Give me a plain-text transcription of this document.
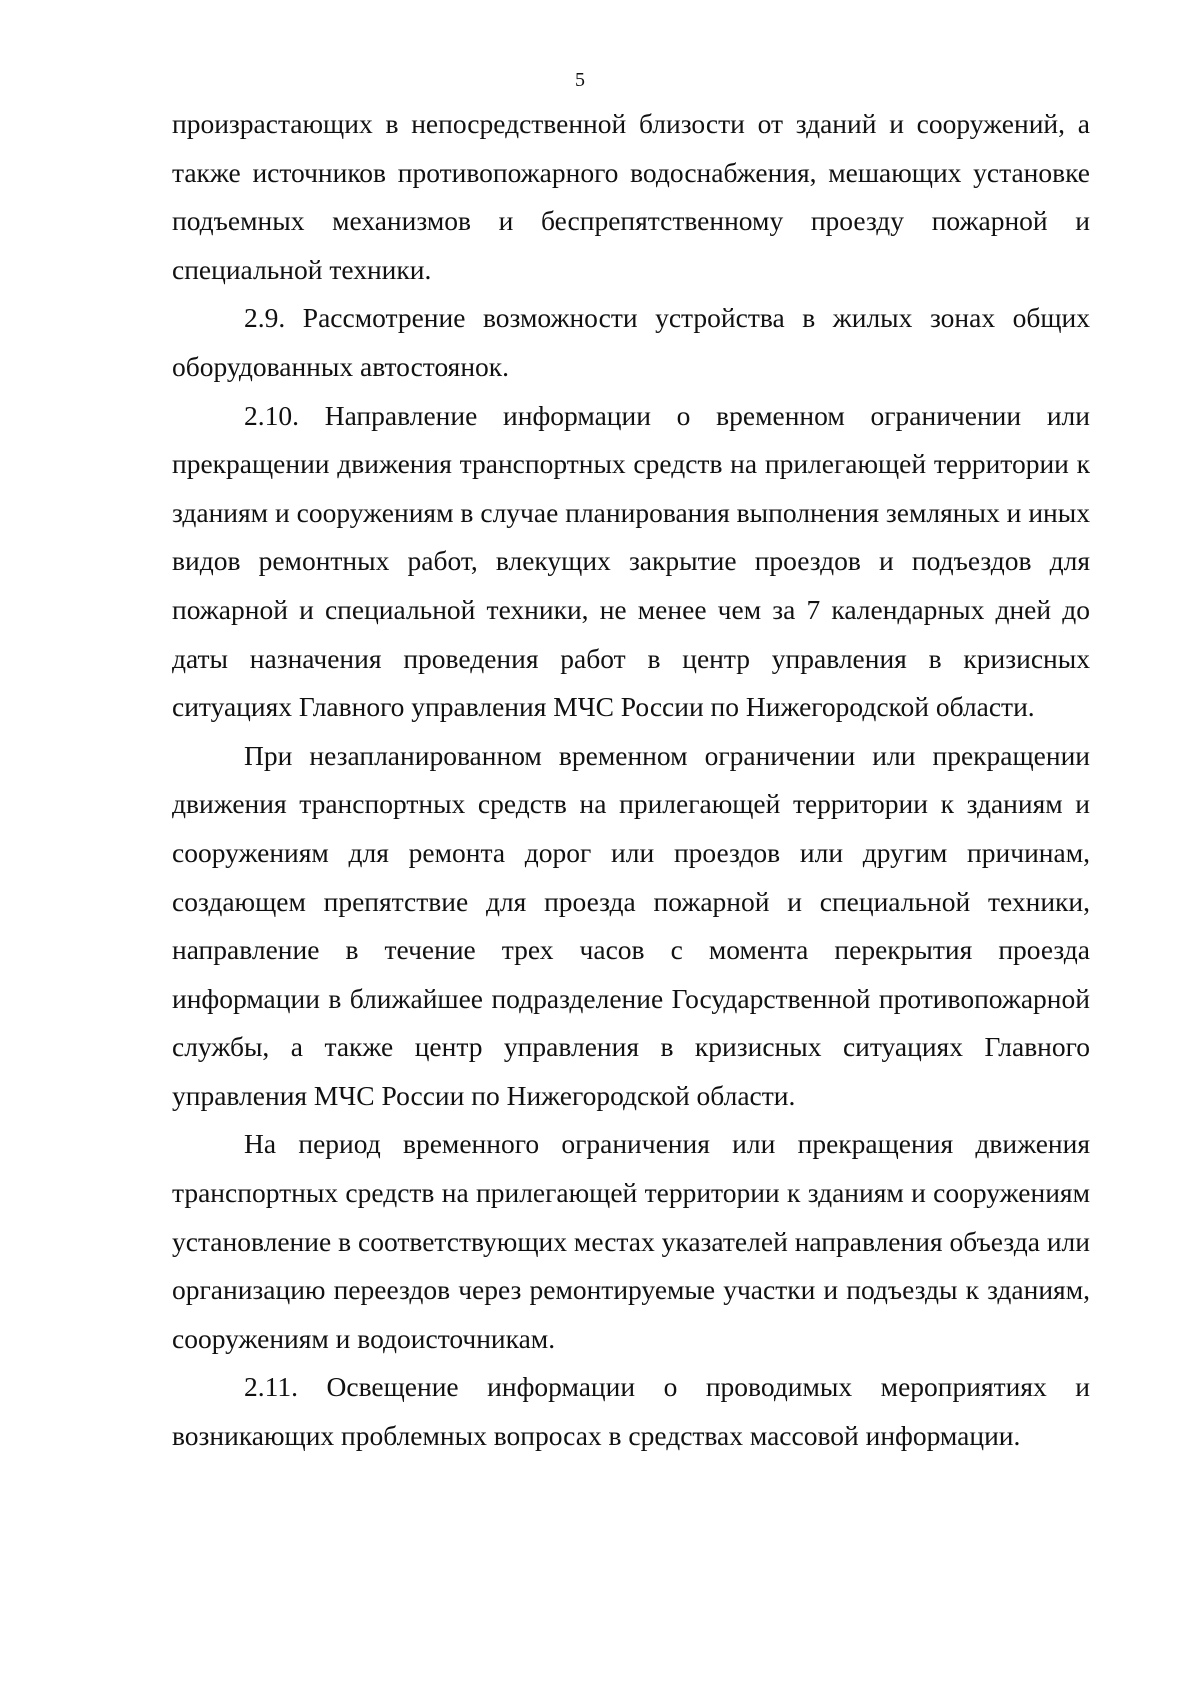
5

произрастающих в непосредственной близости от зданий и сооружений, а также источников противопожарного водоснабжения, мешающих установке подъемных механизмов и беспрепятственному проезду пожарной и специальной техники.

2.9. Рассмотрение возможности устройства в жилых зонах общих оборудованных автостоянок.

2.10. Направление информации о временном ограничении или прекращении движения транспортных средств на прилегающей территории к зданиям и сооружениям в случае планирования выполнения земляных и иных видов ремонтных работ, влекущих закрытие проездов и подъездов для пожарной и специальной техники, не менее чем за 7 календарных дней до даты назначения проведения работ в центр управления в кризисных ситуациях Главного управления МЧС России по Нижегородской области.

При незапланированном временном ограничении или прекращении движения транспортных средств на прилегающей территории к зданиям и сооружениям для ремонта дорог или проездов или другим причинам, создающем препятствие для проезда пожарной и специальной техники, направление в течение трех часов с момента перекрытия проезда информации в ближайшее подразделение Государственной противопожарной службы, а также центр управления в кризисных ситуациях Главного управления МЧС России по Нижегородской области.

На период временного ограничения или прекращения движения транспортных средств на прилегающей территории к зданиям и сооружениям установление в соответствующих местах указателей направления объезда или организацию переездов через ремонтируемые участки и подъезды к зданиям, сооружениям и водоисточникам.

2.11. Освещение информации о проводимых мероприятиях и возникающих проблемных вопросах в средствах массовой информации.
